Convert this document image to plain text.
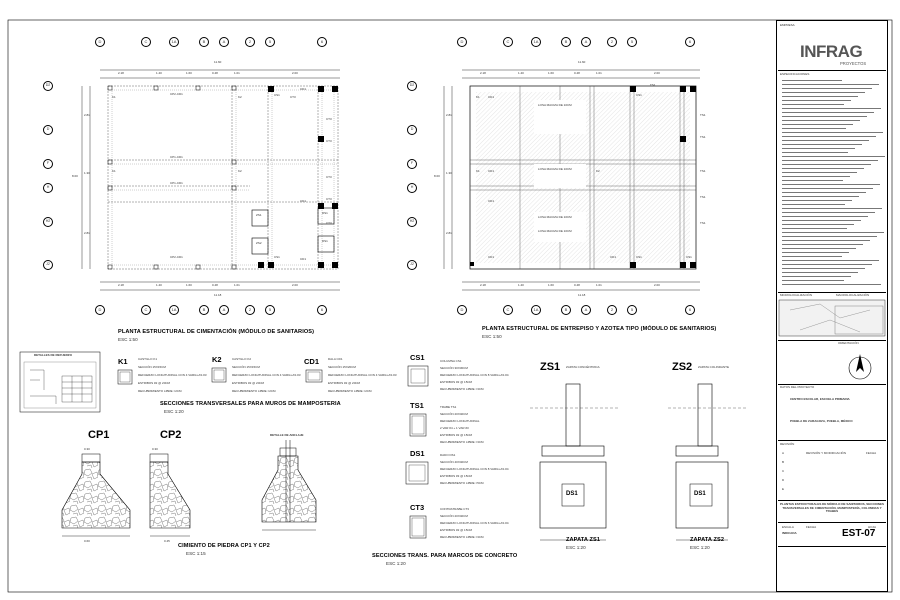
D
D
D
D
C
C
C
C
1A
1A
1A
1A
B
B
B
B
A
A
A
A
2
2
2
2
5
5
5
5
6
6
6
6
D2	D2
D	D
F	F
H	H
H2	H2
J2	J2
PLANTA ESTRUCTURAL DE CIMENTACIÓN (MÓDULO DE SANITARIOS)
ESC 1:50
PLANTA ESTRUCTURAL DE ENTREPISO Y AZOTEA TIPO (MÓDULO DE SANITARIOS)
ESC 1:50
11.60
11.18
11.60
11.18
8.00	8.00
2.18
2.18
1.40
1.40
1.60
1.60
0.48
0.48
1.01
1.01
2.00
2.00
2.81
1.30
2.81
2.18
2.18
1.40
1.40
1.60
1.60
0.48
0.48
1.01
1.01
2.00
2.00
2.81
1.30
2.81
CP2-CD1
CP1-CD1
CP1-CD1
CP2-CD1
CT3
CT3
CT3
CT3
CT3
CT3
ZS1
ZS2	DS1
DS1
CD1
CD1
CD1
K1
K1
K2
K2
CS1
CS1
CD1
TS1
TS1
TS1
TS1
TS1
TS1
CD1
CD1
CD1	CD1
K1
K1	K2
CS1
CS1	CS1
LOSA MACIZA DE 10CM
LOSA MACIZA DE 10CM
LOSA MACIZA DE 10CM
LOSA MACIZA DE 10CM
DETALLES DE REFUERZO
SECCIONES TRANSVERSALES PARA MUROS DE MAMPOSTERIA
ESC 1:20
CIMIENTO DE PIEDRA CP1 Y CP2
ESC 1:15
DETALLE DE ANCLAJE
SECCIONES TRANS. PARA MARCOS DE CONCRETO
ESC 1:20
ZAPATA ZS1
ESC 1:20
ZAPATA ZS2
ESC 1:20
K1	K2	CD1
CASTILLO K1
SECCIÓN 15X15CM
REFUERZO LONGITUDINAL CON 4 VARILLAS #3
ESTRIBOS #2 @ 20CM
RECUBRIMIENTO LIBRE =2CM
CASTILLO K2
SECCIÓN 15X15CM
REFUERZO LONGITUDINAL CON 4 VARILLAS #3
ESTRIBOS #2 @ 20CM
RECUBRIMIENTO LIBRE =2CM
DALA CD1
SECCIÓN 15X20CM
REFUERZO LONGITUDINAL CON 4 VARILLAS #3
ESTRIBOS #2 @ 20CM
RECUBRIMIENTO LIBRE =2CM
CP1	CP2
0.60	0.45
0.30	0.30
CS1
TS1
DS1
CT3
COLUMNA CS1
SECCIÓN 30X30CM
REFUERZO LONGITUDINAL CON 8 VARILLAS #4
ESTRIBOS #2 @ 15CM
RECUBRIMIENTO LIBRE =3CM
TRABE TS1
SECCIÓN 20X40CM
REFUERZO LONGITUDINAL
2 VAR #4 + 1 VAR #3
ESTRIBOS #2 @ 15CM
RECUBRIMIENTO LIBRE =3CM
DADO DS1
SECCIÓN 40X40CM
REFUERZO LONGITUDINAL CON 8 VARILLAS #4
ESTRIBOS #3 @ 15CM
RECUBRIMIENTO LIBRE =5CM
CONTRATRABE CT3
SECCIÓN 20X40CM
REFUERZO LONGITUDINAL CON 6 VARILLAS #4
ESTRIBOS #2 @ 15CM
RECUBRIMIENTO LIBRE =3CM
ZS1 ZAPATA CONCÉNTRICA	ZS2 ZAPATA COLINDANTE
DS1	DS1
EMPRESA
INFRAG
PROYECTOS
ESPECIFICACIONES
MICROLOCALIZACIÓN	MACROLOCALIZACIÓN
ORIENTACIÓN
DATOS DEL PROYECTO
CENTRO ESCOLAR, ESCUELA PRIMARIA
PUEBLA DE ZARAGOZA, PUEBLA, MÉXICO
REVISIÓN
A	REVISIÓN Y MODIFICACIÓN	FECHA
B
C
D
E
PLANTAS ESTRUCTURALES DE MÓDULO DE SANITARIOS, SECCIONES TRANSVERSALES DE CIMENTACIÓN, MAMPOSTERÍA, COLUMNAS Y TRABES
ESCALA
INDICADA
FECHA	HOJA
EST-07
